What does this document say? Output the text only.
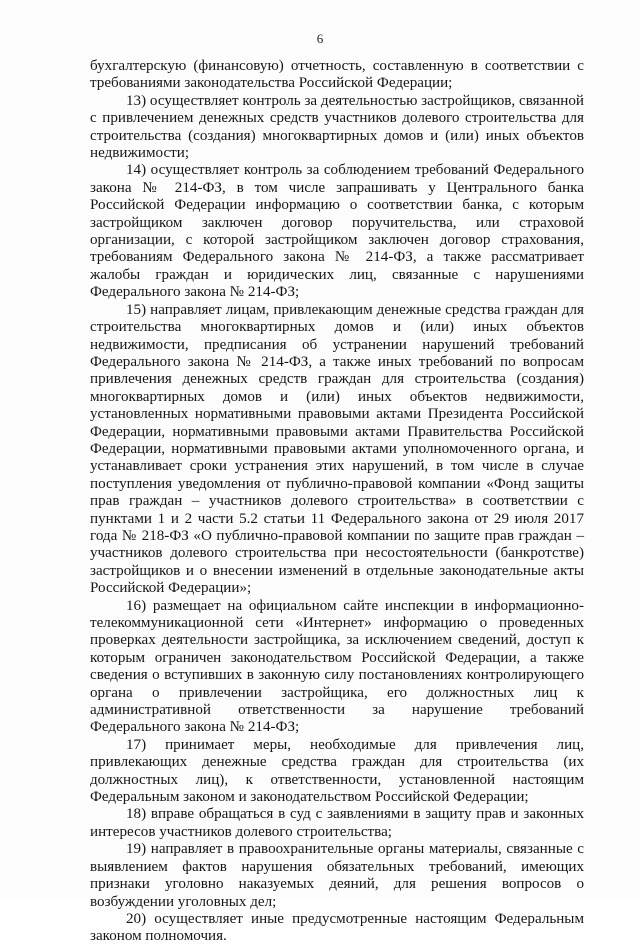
6

бухгалтерскую (финансовую) отчетность, составленную в соответствии с требованиями законодательства Российской Федерации;

13) осуществляет контроль за деятельностью застройщиков, связанной с привлечением денежных средств участников долевого строительства для строительства (создания) многоквартирных домов и (или) иных объектов недвижимости;

14) осуществляет контроль за соблюдением требований Федерального закона № 214-ФЗ, в том числе запрашивать у Центрального банка Российской Федерации информацию о соответствии банка, с которым застройщиком заключен договор поручительства, или страховой организации, с которой застройщиком заключен договор страхования, требованиям Федерального закона № 214-ФЗ, а также рассматривает жалобы граждан и юридических лиц, связанные с нарушениями Федерального закона № 214-ФЗ;

15) направляет лицам, привлекающим денежные средства граждан для строительства многоквартирных домов и (или) иных объектов недвижимости, предписания об устранении нарушений требований Федерального закона № 214-ФЗ, а также иных требований по вопросам привлечения денежных средств граждан для строительства (создания) многоквартирных домов и (или) иных объектов недвижимости, установленных нормативными правовыми актами Президента Российской Федерации, нормативными правовыми актами Правительства Российской Федерации, нормативными правовыми актами уполномоченного органа, и устанавливает сроки устранения этих нарушений, в том числе в случае поступления уведомления от публично-правовой компании «Фонд защиты прав граждан – участников долевого строительства» в соответствии с пунктами 1 и 2 части 5.2 статьи 11 Федерального закона от 29 июля 2017 года № 218-ФЗ «О публично-правовой компании по защите прав граждан – участников долевого строительства при несостоятельности (банкротстве) застройщиков и о внесении изменений в отдельные законодательные акты Российской Федерации»;

16) размещает на официальном сайте инспекции в информационно-телекоммуникационной сети «Интернет» информацию о проведенных проверках деятельности застройщика, за исключением сведений, доступ к которым ограничен законодательством Российской Федерации, а также сведения о вступивших в законную силу постановлениях контролирующего органа о привлечении застройщика, его должностных лиц к административной ответственности за нарушение требований Федерального закона № 214-ФЗ;

17) принимает меры, необходимые для привлечения лиц, привлекающих денежные средства граждан для строительства (их должностных лиц), к ответственности, установленной настоящим Федеральным законом и законодательством Российской Федерации;

18) вправе обращаться в суд с заявлениями в защиту прав и законных интересов участников долевого строительства;

19) направляет в правоохранительные органы материалы, связанные с выявлением фактов нарушения обязательных требований, имеющих признаки уголовно наказуемых деяний, для решения вопросов о возбуждении уголовных дел;

20) осуществляет иные предусмотренные настоящим Федеральным законом полномочия.
